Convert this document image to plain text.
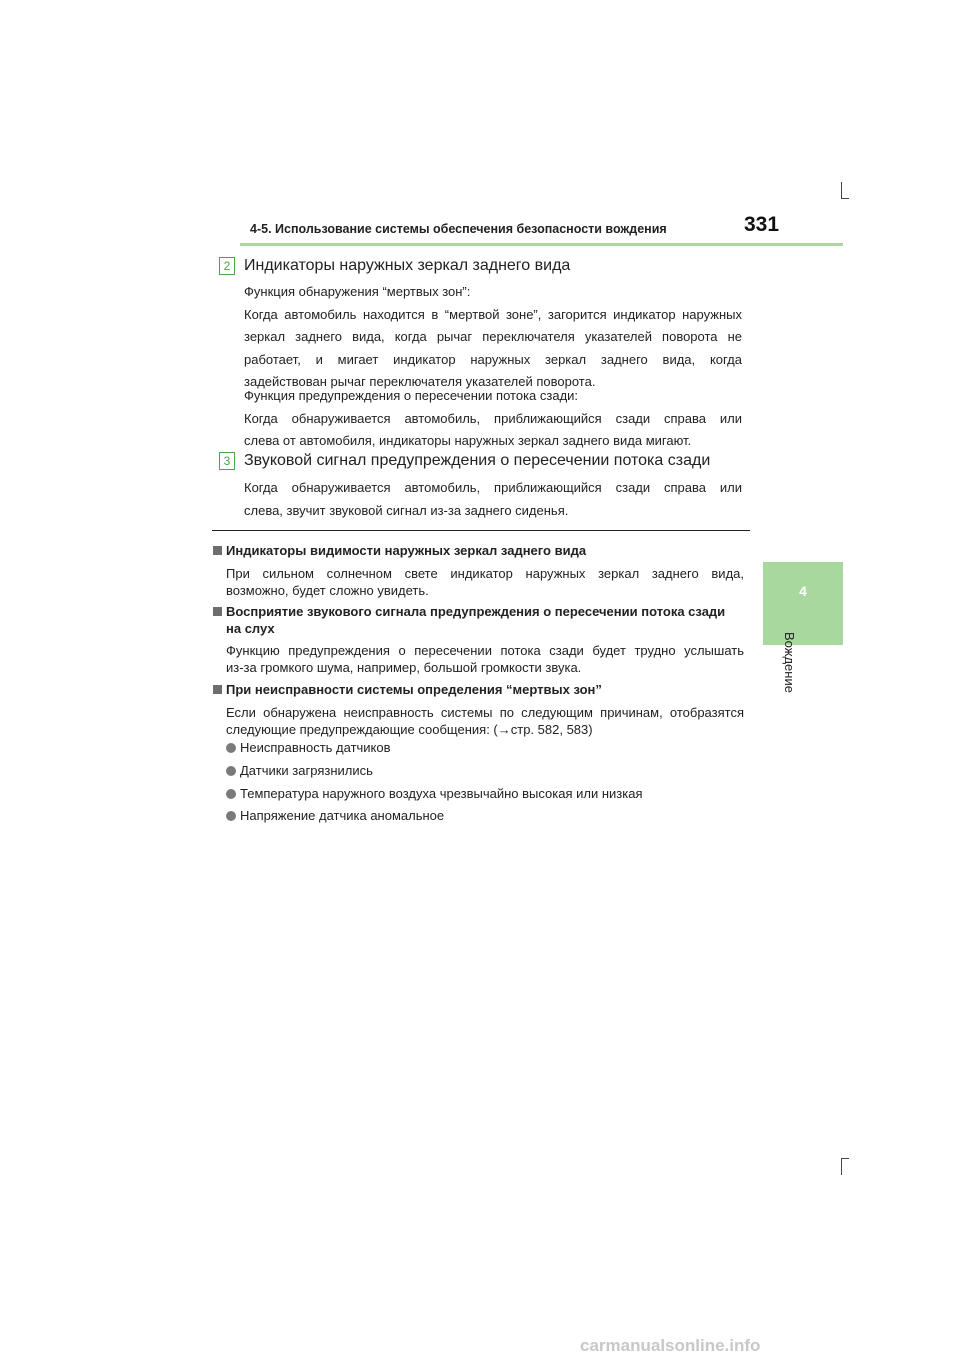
4-5. Использование системы обеспечения безопасности вождения	331
4
Вождение
2 Индикаторы наружных зеркал заднего вида
Функция обнаружения “мертвых зон”:
Когда автомобиль находится в “мертвой зоне”, загорится индикатор наружных
зеркал заднего вида, когда рычаг переключателя указателей поворота не
работает, и мигает индикатор наружных зеркал заднего вида, когда
задействован рычаг переключателя указателей поворота.
Функция предупреждения о пересечении потока сзади:
Когда обнаруживается автомобиль, приближающийся сзади справа или
слева от автомобиля, индикаторы наружных зеркал заднего вида мигают.
3 Звуковой сигнал предупреждения о пересечении потока сзади
Когда обнаруживается автомобиль, приближающийся сзади справа или
слева, звучит звуковой сигнал из-за заднего сиденья.
Индикаторы видимости наружных зеркал заднего вида
При сильном солнечном свете индикатор наружных зеркал заднего вида,
возможно, будет сложно увидеть.
Восприятие звукового сигнала предупреждения о пересечении потока сзади
на слух
Функцию предупреждения о пересечении потока сзади будет трудно услышать
из-за громкого шума, например, большой громкости звука.
При неисправности системы определения “мертвых зон”
Если обнаружена неисправность системы по следующим причинам, отобразятся
следующие предупреждающие сообщения: (→стр. 582, 583)
Неисправность датчиков
Датчики загрязнились
Температура наружного воздуха чрезвычайно высокая или низкая
Напряжение датчика аномальное
carmanualsonline.info
